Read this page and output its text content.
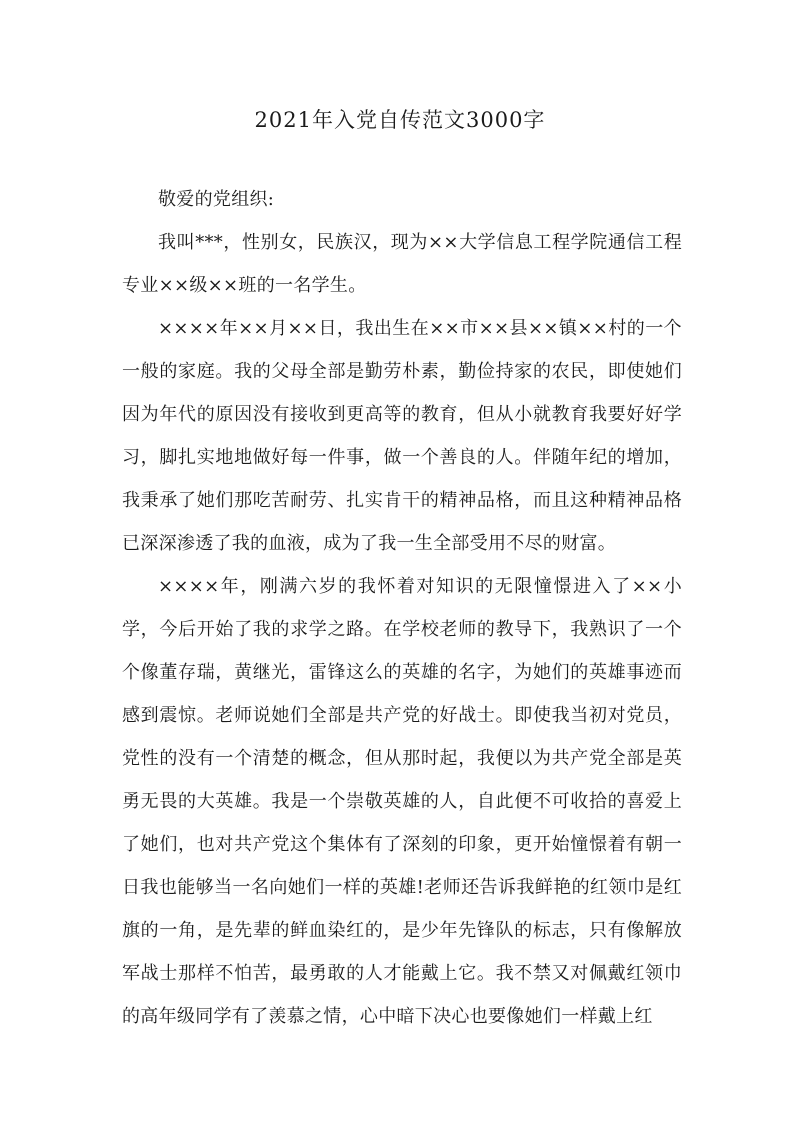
2021年入党自传范文3000字

敬爱的党组织:

我叫***，性别女，民族汉，现为××大学信息工程学院通信工程专业××级××班的一名学生。

××××年××月××日，我出生在××市××县××镇××村的一个一般的家庭。我的父母全部是勤劳朴素，勤俭持家的农民，即使她们因为年代的原因没有接收到更高等的教育，但从小就教育我要好好学习，脚扎实地地做好每一件事，做一个善良的人。伴随年纪的增加，我秉承了她们那吃苦耐劳、扎实肯干的精神品格，而且这种精神品格已深深渗透了我的血液，成为了我一生全部受用不尽的财富。

××××年，刚满六岁的我怀着对知识的无限憧憬进入了××小学，今后开始了我的求学之路。在学校老师的教导下，我熟识了一个个像董存瑞，黄继光，雷锋这么的英雄的名字，为她们的英雄事迹而感到震惊。老师说她们全部是共产党的好战士。即使我当初对党员，党性的没有一个清楚的概念，但从那时起，我便以为共产党全部是英勇无畏的大英雄。我是一个崇敬英雄的人，自此便不可收拾的喜爱上了她们，也对共产党这个集体有了深刻的印象，更开始憧憬着有朝一日我也能够当一名向她们一样的英雄!老师还告诉我鲜艳的红领巾是红旗的一角，是先辈的鲜血染红的，是少年先锋队的标志，只有像解放军战士那样不怕苦，最勇敢的人才能戴上它。我不禁又对佩戴红领巾的高年级同学有了羡慕之情，心中暗下决心也要像她们一样戴上红
